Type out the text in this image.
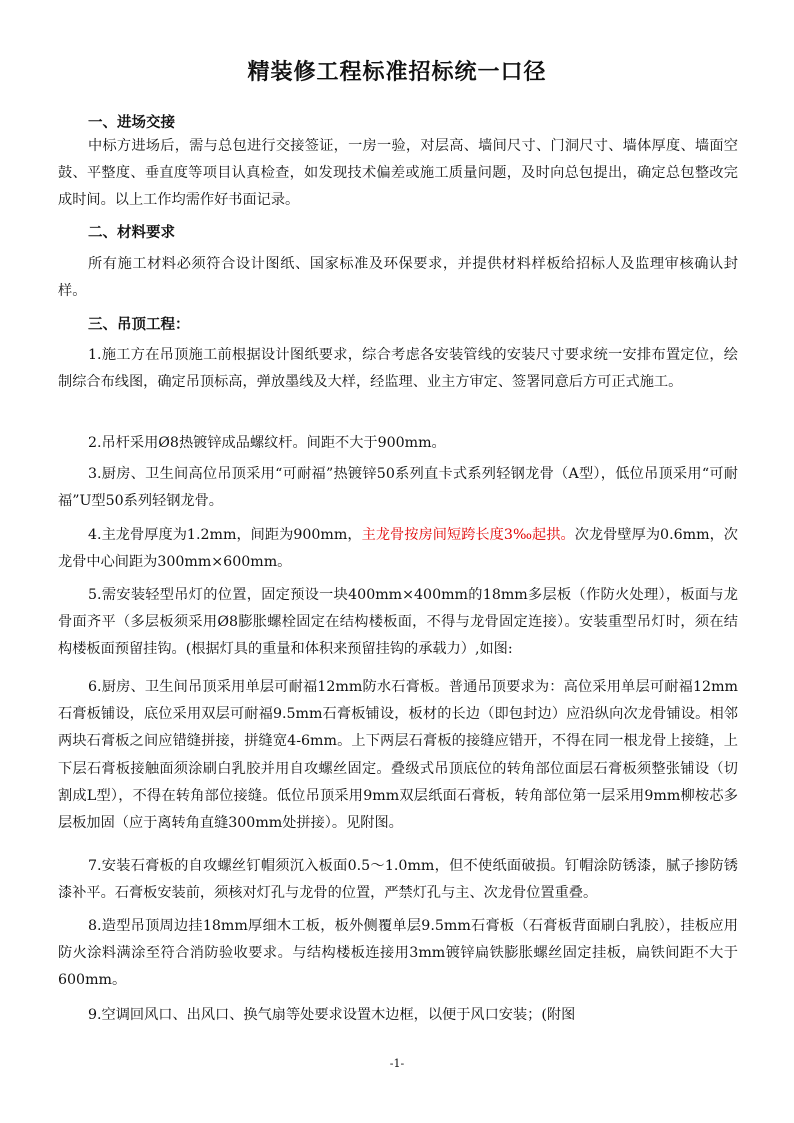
精装修工程标准招标统一口径
一、进场交接
中标方进场后，需与总包进行交接签证，一房一验，对层高、墙间尺寸、门洞尺寸、墙体厚度、墙面空鼓、平整度、垂直度等项目认真检查，如发现技术偏差或施工质量问题，及时向总包提出，确定总包整改完成时间。以上工作均需作好书面记录。
二、材料要求
所有施工材料必须符合设计图纸、国家标准及环保要求，并提供材料样板给招标人及监理审核确认封样。
三、吊顶工程：
1.施工方在吊顶施工前根据设计图纸要求，综合考虑各安装管线的安装尺寸要求统一安排布置定位，绘制综合布线图，确定吊顶标高，弹放墨线及大样，经监理、业主方审定、签署同意后方可正式施工。
2.吊杆采用Ø8热镀锌成品螺纹杆。间距不大于900mm。
3.厨房、卫生间高位吊顶采用“可耐福”热镀锌50系列直卡式系列轻钢龙骨（A型），低位吊顶采用“可耐福”U型50系列轻钢龙骨。
4.主龙骨厚度为1.2mm，间距为900mm，主龙骨按房间短跨长度3‰起拱。次龙骨壁厚为0.6mm，次龙骨中心间距为300mm×600mm。
5.需安装轻型吊灯的位置，固定预设一块400mm×400mm的18mm多层板（作防火处理），板面与龙骨面齐平（多层板须采用Ø8膨胀螺栓固定在结构楼板面，不得与龙骨固定连接）。安装重型吊灯时，须在结构楼板面预留挂钩。(根据灯具的重量和体积来预留挂钩的承载力）,如图:
6.厨房、卫生间吊顶采用单层可耐福12mm防水石膏板。普通吊顶要求为：高位采用单层可耐福12mm石膏板铺设，底位采用双层可耐福9.5mm石膏板铺设，板材的长边（即包封边）应沿纵向次龙骨铺设。相邻两块石膏板之间应错缝拼接，拼缝宽4-6mm。上下两层石膏板的接缝应错开，不得在同一根龙骨上接缝，上下层石膏板接触面须涂刷白乳胶并用自攻螺丝固定。叠级式吊顶底位的转角部位面层石膏板须整张铺设（切割成L型），不得在转角部位接缝。低位吊顶采用9mm双层纸面石膏板，转角部位第一层采用9mm柳桉芯多层板加固（应于离转角直缝300mm处拼接）。见附图。
7.安装石膏板的自攻螺丝钉帽须沉入板面0.5～1.0mm，但不使纸面破损。钉帽涂防锈漆，腻子掺防锈漆补平。石膏板安装前，须核对灯孔与龙骨的位置，严禁灯孔与主、次龙骨位置重叠。
8.造型吊顶周边挂18mm厚细木工板，板外侧覆单层9.5mm石膏板（石膏板背面刷白乳胶），挂板应用防火涂料满涂至符合消防验收要求。与结构楼板连接用3mm镀锌扁铁膨胀螺丝固定挂板，扁铁间距不大于600mm。
9.空调回风口、出风口、换气扇等处要求设置木边框，以便于风口安装；(附图
-1-
